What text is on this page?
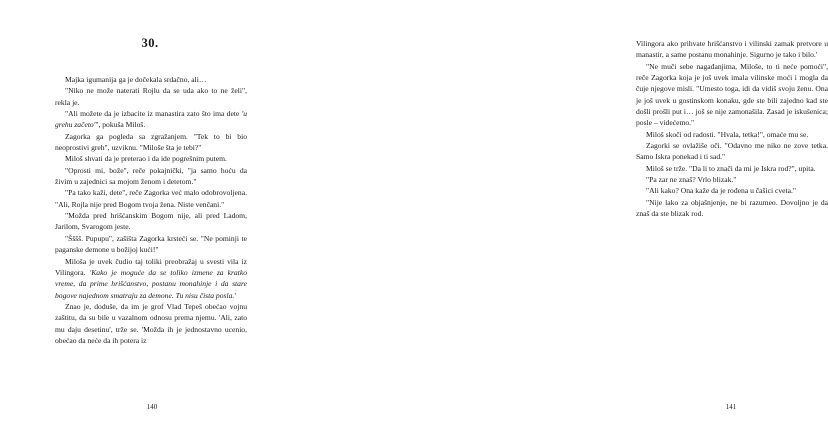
30.

Majka igumanija ga je dočekala srdačno, ali…

"Niko ne može naterati Rojlu da se uda ako to ne želi", rekla je.

"Ali možete da je izbacite iz manastira zato što ima dete 'u grehu začeto'", pokuša Miloš.

Zagorka ga pogleda sa zgražanjem. "Tek to bi bio neoprostivi greh", uzviknu. "Miloše šta je tebi?"

Miloš shvati da je preterao i da ide pogrešnim putem.

"Oprosti mi, bože", reče pokajnički, "ja samo hoću da živim u zajednici sa mojom ženom i detetom."

"Pa tako kaži, dete", reče Zagorka već malo odobrovoljena. "Ali, Rojla nije pred Bogom tvoja žena. Niste venčani."

"Možda pred hrišćanskim Bogom nije, ali pred Ladom, Jarilom, Svarogom jeste.

"Šššš. Pupupu", zašišta Zagorka krsteći se. "Ne pominji te paganske demone u božijoj kući!"

Miloša je uvek čudio taj toliki preobražaj u svesti vila iz Vilingora. 'Kako je moguće da se toliko izmene za kratko vreme, da prime hrišćanstvo, postanu monahinje i da stare bogove najednom smatraju za demone. Tu nisu čista posla.'

Znao je, doduše, da im je grof Vlad Tepeš obećao vojnu zaštitu, da su bile u vazalnom odnosu prema njemu. 'Ali, zato mu daju desetinu', trže se. 'Možda ih je jednostavno ucenio, obećao da neće da ih potera iz

140

Vilingora ako prihvate hrišćanstvo i vilinski zamak pretvore u manastir, a same postanu monahinje. Sigurno je tako i bilo.'

"Ne muči sebe nagađanjima, Miloše, to ti neće pomoći", reče Zagorka koja je još uvek imala vilinske moći i mogla da čuje njegove misli. "Umesto toga, idi da vidiš svoju ženu. Ona je još uvek u gostinskom konaku, gde ste bili zajedno kad ste došli prošli put i… još se nije zamonašila. Zasad je iskušenica; posle – videćemo."

Miloš skoči od radosti. "Hvala, tetka!", omaće mu se.

Zagorki se ovlažiše oči. "Odavno me niko ne zove tetka. Samo Iskra ponekad i ti sad."

Miloš se trže. "Da li to znači da mi je Iskra rod?", upita.

"Pa zar ne znaš? Vrlo blizak."

"Ali kako? Ona kaže da je rođena u čašici cveta."

"Nije lako za objašnjenje, ne bi razumeo. Dovoljno je da znaš da ste blizak rod.

141
